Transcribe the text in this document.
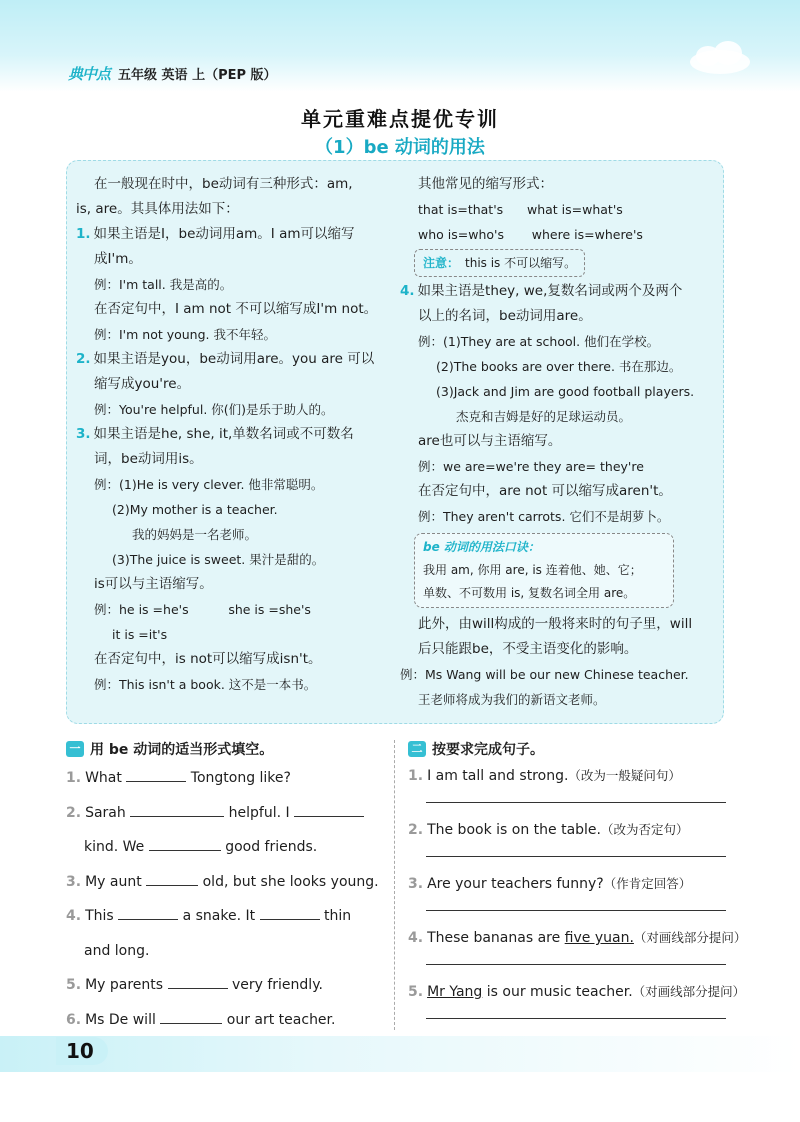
典中点 五年级 英语 上（PEP 版）
单元重难点提优专训
（1）be 动词的用法
在一般现在时中，be动词有三种形式：am,
is, are。其具体用法如下：
1. 如果主语是I，be动词用am。I am可以缩写
成I'm。
例：I'm tall. 我是高的。
在否定句中，I am not 不可以缩写成I'm not。
例：I'm not young. 我不年轻。
2. 如果主语是you，be动词用are。you are 可以
缩写成you're。
例：You're helpful. 你(们)是乐于助人的。
3. 如果主语是he, she, it,单数名词或不可数名
词，be动词用is。
例：(1)He is very clever. 他非常聪明。
(2)My mother is a teacher.
我的妈妈是一名老师。
(3)The juice is sweet. 果汁是甜的。
is可以与主语缩写。
例：he is =he's          she is =she's
it is =it's
在否定句中，is not可以缩写成isn't。
例：This isn't a book. 这不是一本书。
其他常见的缩写形式：
that is=that's      what is=what's
who is=who's       where is=where's
注意： this is 不可以缩写。
4. 如果主语是they, we,复数名词或两个及两个
以上的名词，be动词用are。
例：(1)They are at school. 他们在学校。
(2)The books are over there. 书在那边。
(3)Jack and Jim are good football players.
杰克和吉姆是好的足球运动员。
are也可以与主语缩写。
例：we are=we're they are= they're
在否定句中，are not 可以缩写成aren't。
例：They aren't carrots. 它们不是胡萝卜。
be 动词的用法口诀：
我用 am, 你用 are, is 连着他、她、它；
单数、不可数用 is, 复数名词全用 are。
此外，由will构成的一般将来时的句子里，will
后只能跟be，不受主语变化的影响。
例：Ms Wang will be our new Chinese teacher.
王老师将成为我们的新语文老师。
一 用 be 动词的适当形式填空。
1. What	Tongtong like?
2. Sarah	helpful. I
kind. We	good friends.
3. My aunt	old, but she looks young.
4. This	a snake. It	thin
and long.
5. My parents	very friendly.
6. Ms De will	our art teacher.
二 按要求完成句子。
1. I am tall and strong.（改为一般疑问句）
2. The book is on the table.（改为否定句）
3. Are your teachers funny?（作肯定回答）
4. These bananas are five yuan.（对画线部分提问）
5. Mr Yang is our music teacher.（对画线部分提问）
10
